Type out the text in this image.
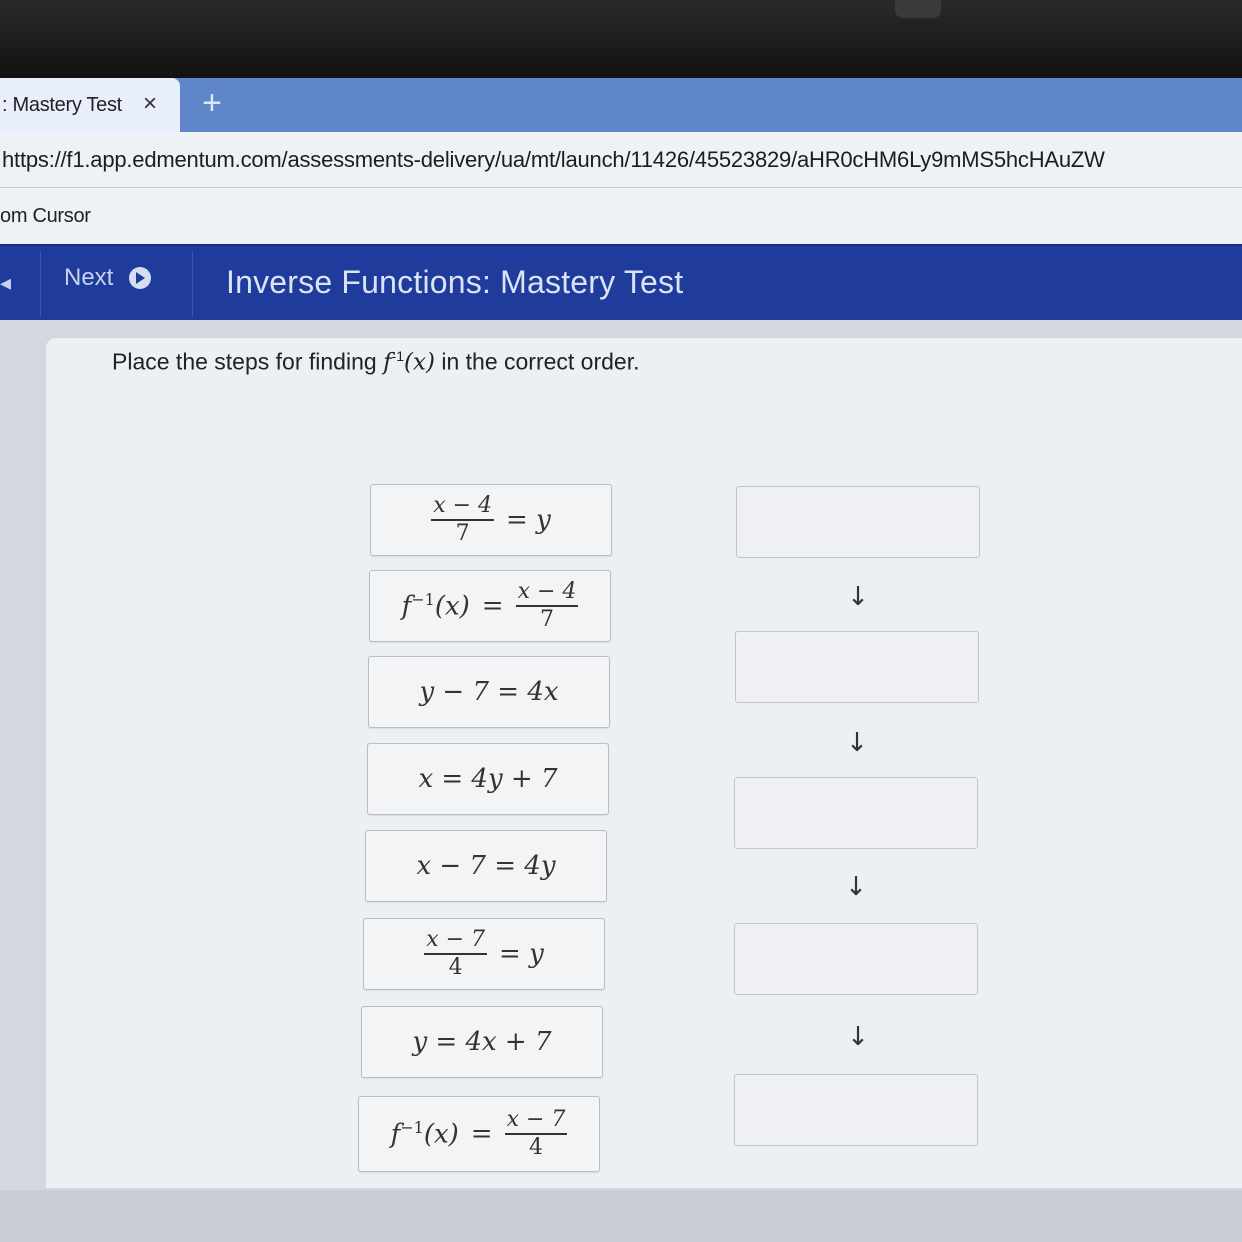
: Mastery Test × +
https://f1.app.edmentum.com/assessments-delivery/ua/mt/launch/11426/45523829/aHR0cHM6Ly9mMS5hcHAuZW
om Cursor
◂ Next	Inverse Functions: Mastery Test
Place the steps for finding $f^{-1}(x)$ in the correct order.
$\frac{x - 4}{7} = y$
$f^{-1}(x) = \frac{x - 4}{7}$
y − 7 = 4x
x = 4y + 7
x − 7 = 4y
$\frac{x - 7}{4} = y$
y = 4x + 7
$f^{-1}(x) = \frac{x - 7}{4}$
↓
↓
↓
↓
